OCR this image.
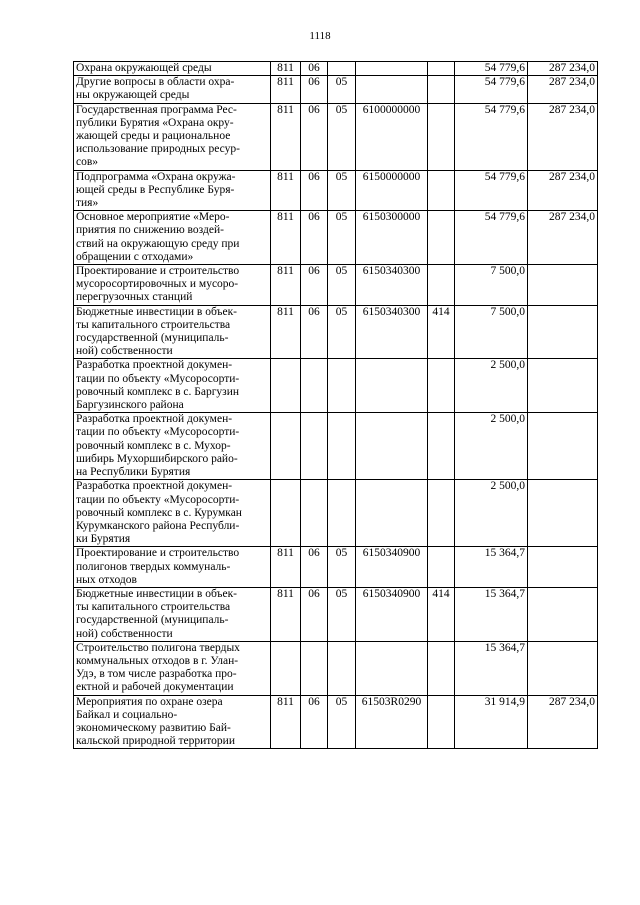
1118
Охрана окружающей среды	811	06				54 779,6	287 234,0

Другие вопросы в области охра-
ны окружающей среды	811	06	05			54 779,6	287 234,0

Государственная программа Рес-
публики Бурятия «Охрана окру-
жающей среды и рациональное
использование природных ресур-
сов»	811	06	05	6100000000		54 779,6	287 234,0

Подпрограмма «Охрана окружа-
ющей среды в Республике Буря-
тия»	811	06	05	6150000000		54 779,6	287 234,0

Основное мероприятие «Меро-
приятия по снижению воздей-
ствий на окружающую среду при
обращении с отходами»	811	06	05	6150300000		54 779,6	287 234,0

Проектирование и строительство
мусоросортировочных и мусоро-
перегрузочных станций	811	06	05	6150340300		7 500,0	

Бюджетные инвестиции в объек-
ты капитального строительства
государственной (муниципаль-
ной) собственности	811	06	05	6150340300	414	7 500,0	

Разработка проектной докумен-
тации по объекту «Мусоросорти-
ровочный комплекс в с. Баргузин
Баргузинского района						2 500,0	

Разработка проектной докумен-
тации по объекту «Мусоросорти-
ровочный комплекс в с. Мухор-
шибирь Мухоршибирского райо-
на Республики Бурятия						2 500,0	

Разработка проектной докумен-
тации по объекту «Мусоросорти-
ровочный комплекс в с. Курумкан
Курумканского района Республи-
ки Бурятия						2 500,0	

Проектирование и строительство
полигонов твердых коммуналь-
ных отходов	811	06	05	6150340900		15 364,7	

Бюджетные инвестиции в объек-
ты капитального строительства
государственной (муниципаль-
ной) собственности	811	06	05	6150340900	414	15 364,7	

Строительство полигона твердых
коммунальных отходов в г. Улан-
Удэ, в том числе разработка про-
ектной и рабочей документации						15 364,7	

Мероприятия по охране озера
Байкал и социально-
экономическому развитию Бай-
кальской природной территории	811	06	05	61503R0290		31 914,9	287 234,0
